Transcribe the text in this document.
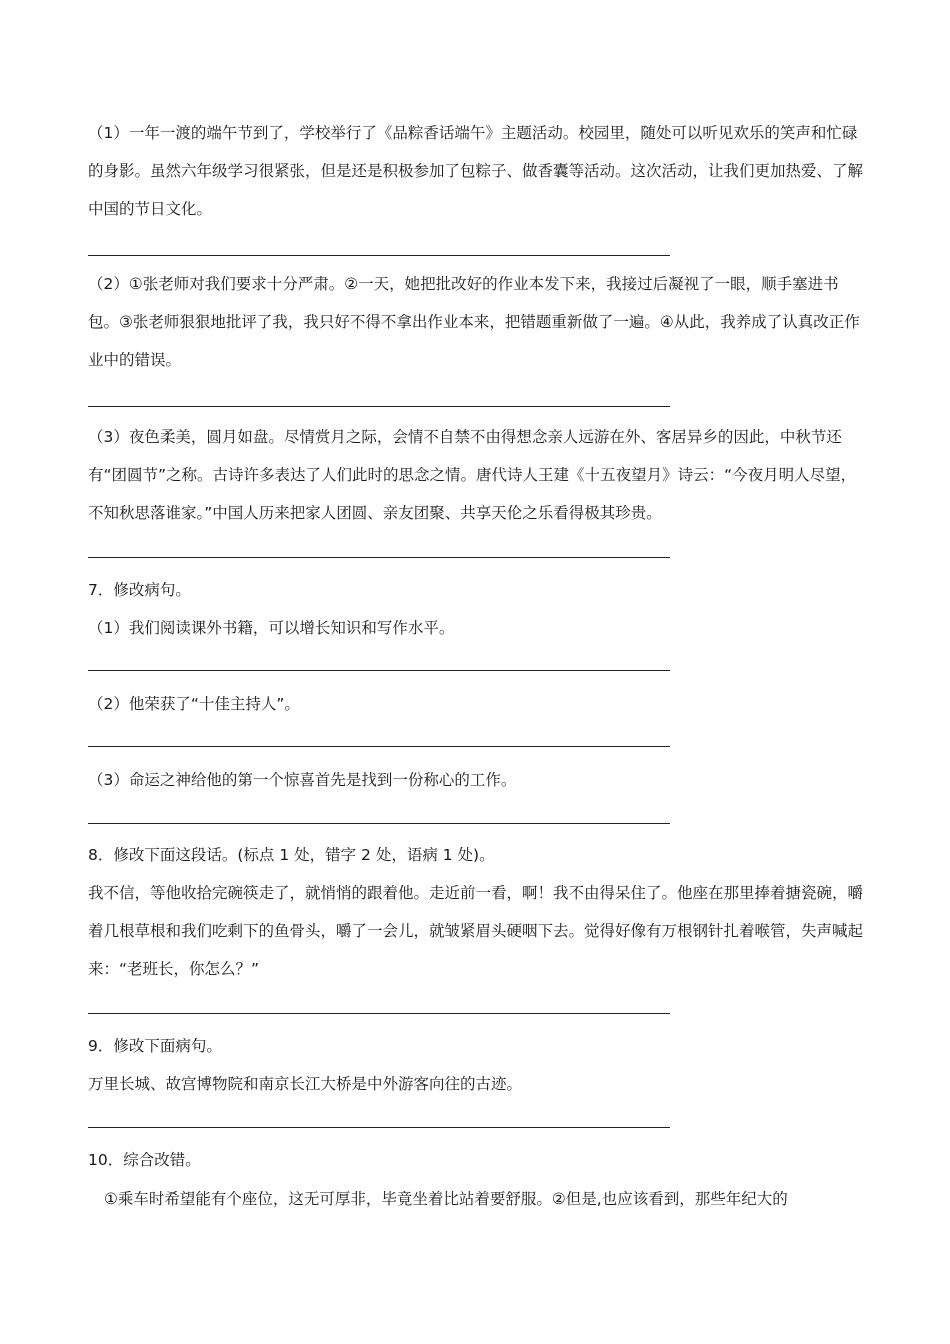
（1）一年一渡的端午节到了，学校举行了《品粽香话端午》主题活动。校园里，随处可以听见欢乐的笑声和忙碌的身影。虽然六年级学习很紧张，但是还是积极参加了包粽子、做香囊等活动。这次活动，让我们更加热爱、了解中国的节日文化。

（2）①张老师对我们要求十分严肃。②一天，她把批改好的作业本发下来，我接过后凝视了一眼，顺手塞进书包。③张老师狠狠地批评了我，我只好不得不拿出作业本来，把错题重新做了一遍。④从此，我养成了认真改正作业中的错误。

（3）夜色柔美，圆月如盘。尽情赏月之际，会情不自禁不由得想念亲人远游在外、客居异乡的因此，中秋节还有“团圆节”之称。古诗许多表达了人们此时的思念之情。唐代诗人王建《十五夜望月》诗云：“今夜月明人尽望，不知秋思落谁家。”中国人历来把家人团圆、亲友团聚、共享天伦之乐看得极其珍贵。

7．修改病句。

（1）我们阅读课外书籍，可以增长知识和写作水平。

（2）他荣获了“十佳主持人”。

（3）命运之神给他的第一个惊喜首先是找到一份称心的工作。

8．修改下面这段话。(标点 1 处，错字 2 处，语病 1 处)。

我不信，等他收拾完碗筷走了，就悄悄的跟着他。走近前一看，啊！我不由得呆住了。他座在那里捧着搪瓷碗，嚼着几根草根和我们吃剩下的鱼骨头，嚼了一会儿，就皱紧眉头硬咽下去。觉得好像有万根钢针扎着喉管，失声喊起来：“老班长，你怎么？”

9．修改下面病句。

万里长城、故宫博物院和南京长江大桥是中外游客向往的古迹。

10．综合改错。

①乘车时希望能有个座位，这无可厚非，毕竟坐着比站着要舒服。②但是,也应该看到，那些年纪大的
